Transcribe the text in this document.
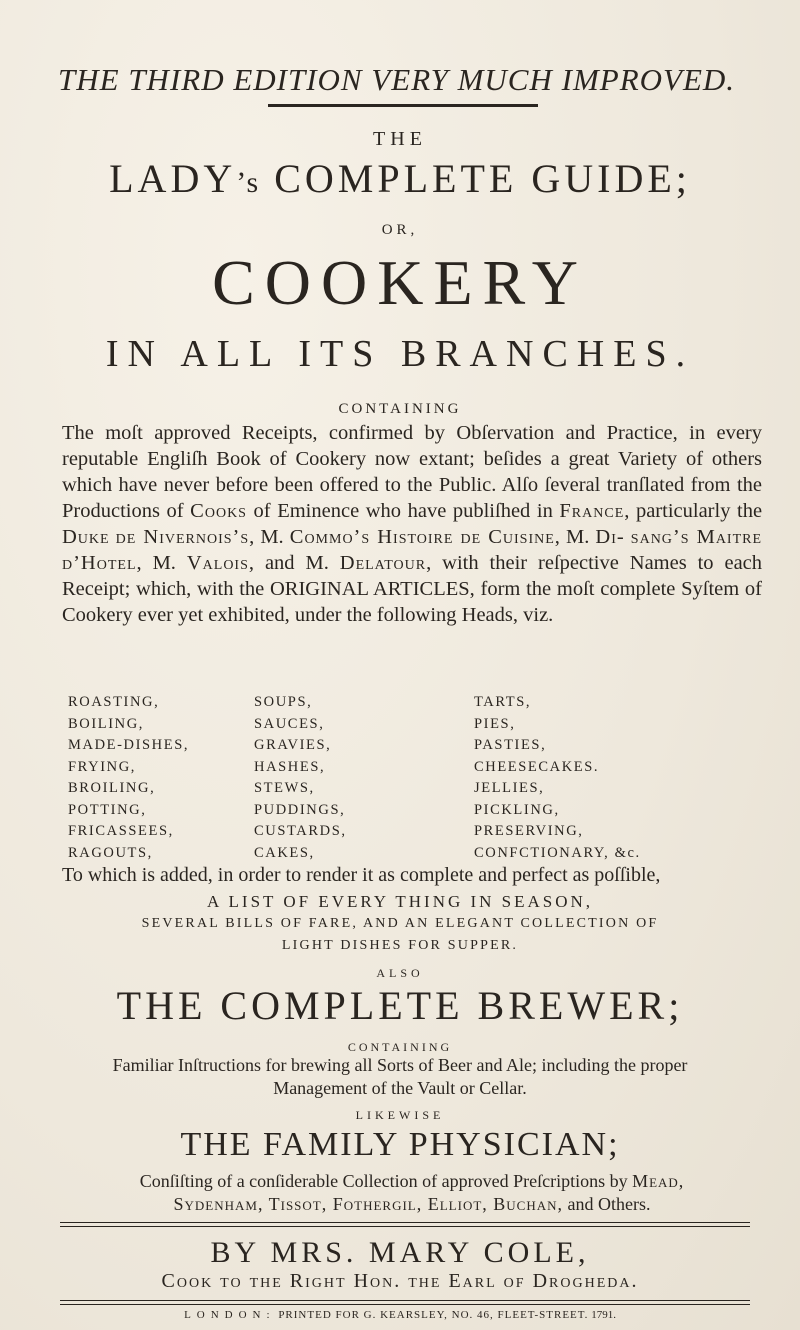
THE THIRD EDITION VERY MUCH IMPROVED.
THE
LADY’s COMPLETE GUIDE;
OR,
COOKERY
IN ALL ITS BRANCHES.
CONTAINING
The moſt approved Receipts, confirmed by Obſervation and Practice, in every reputable Engliſh Book of Cookery now extant; beſides a great Variety of others which have never before been offered to the Public. Alſo ſeveral tranſlated from the Productions of Cooks of Eminence who have publiſhed in France, particularly the Duke de Nivernois’s, M. Commo’s Histoire de Cuisine, M. Di- sang’s Maitre d’Hotel, M. Valois, and M. Delatour, with their reſpective Names to each Receipt; which, with the ORIGINAL ARTICLES, form the moſt complete Syſtem of Cookery ever yet exhibited, under the following Heads, viz.
ROASTING,
BOILING,
MADE-DISHES,
FRYING,
BROILING,
POTTING,
FRICASSEES,
RAGOUTS,
SOUPS,
SAUCES,
GRAVIES,
HASHES,
STEWS,
PUDDINGS,
CUSTARDS,
CAKES,
TARTS,
PIES,
PASTIES,
CHEESECAKES.
JELLIES,
PICKLING,
PRESERVING,
CONFCTIONARY, &c.
To which is added, in order to render it as complete and perfect as poſſible,
A LIST OF EVERY THING IN SEASON,
SEVERAL BILLS OF FARE, AND AN ELEGANT COLLECTION OF
LIGHT DISHES FOR SUPPER.
ALSO
THE COMPLETE BREWER;
CONTAINING
Familiar Inſtructions for brewing all Sorts of Beer and Ale; including the proper
Management of the Vault or Cellar.
LIKEWISE
THE FAMILY PHYSICIAN;
Conſiſting of a conſiderable Collection of approved Preſcriptions by Mead,
Sydenham, Tissot, Fothergil, Elliot, Buchan, and Others.
BY MRS. MARY COLE,
Cook to the Right Hon. the Earl of Drogheda.
LONDON: PRINTED FOR G. KEARSLEY, NO. 46, FLEET-STREET. 1791.
